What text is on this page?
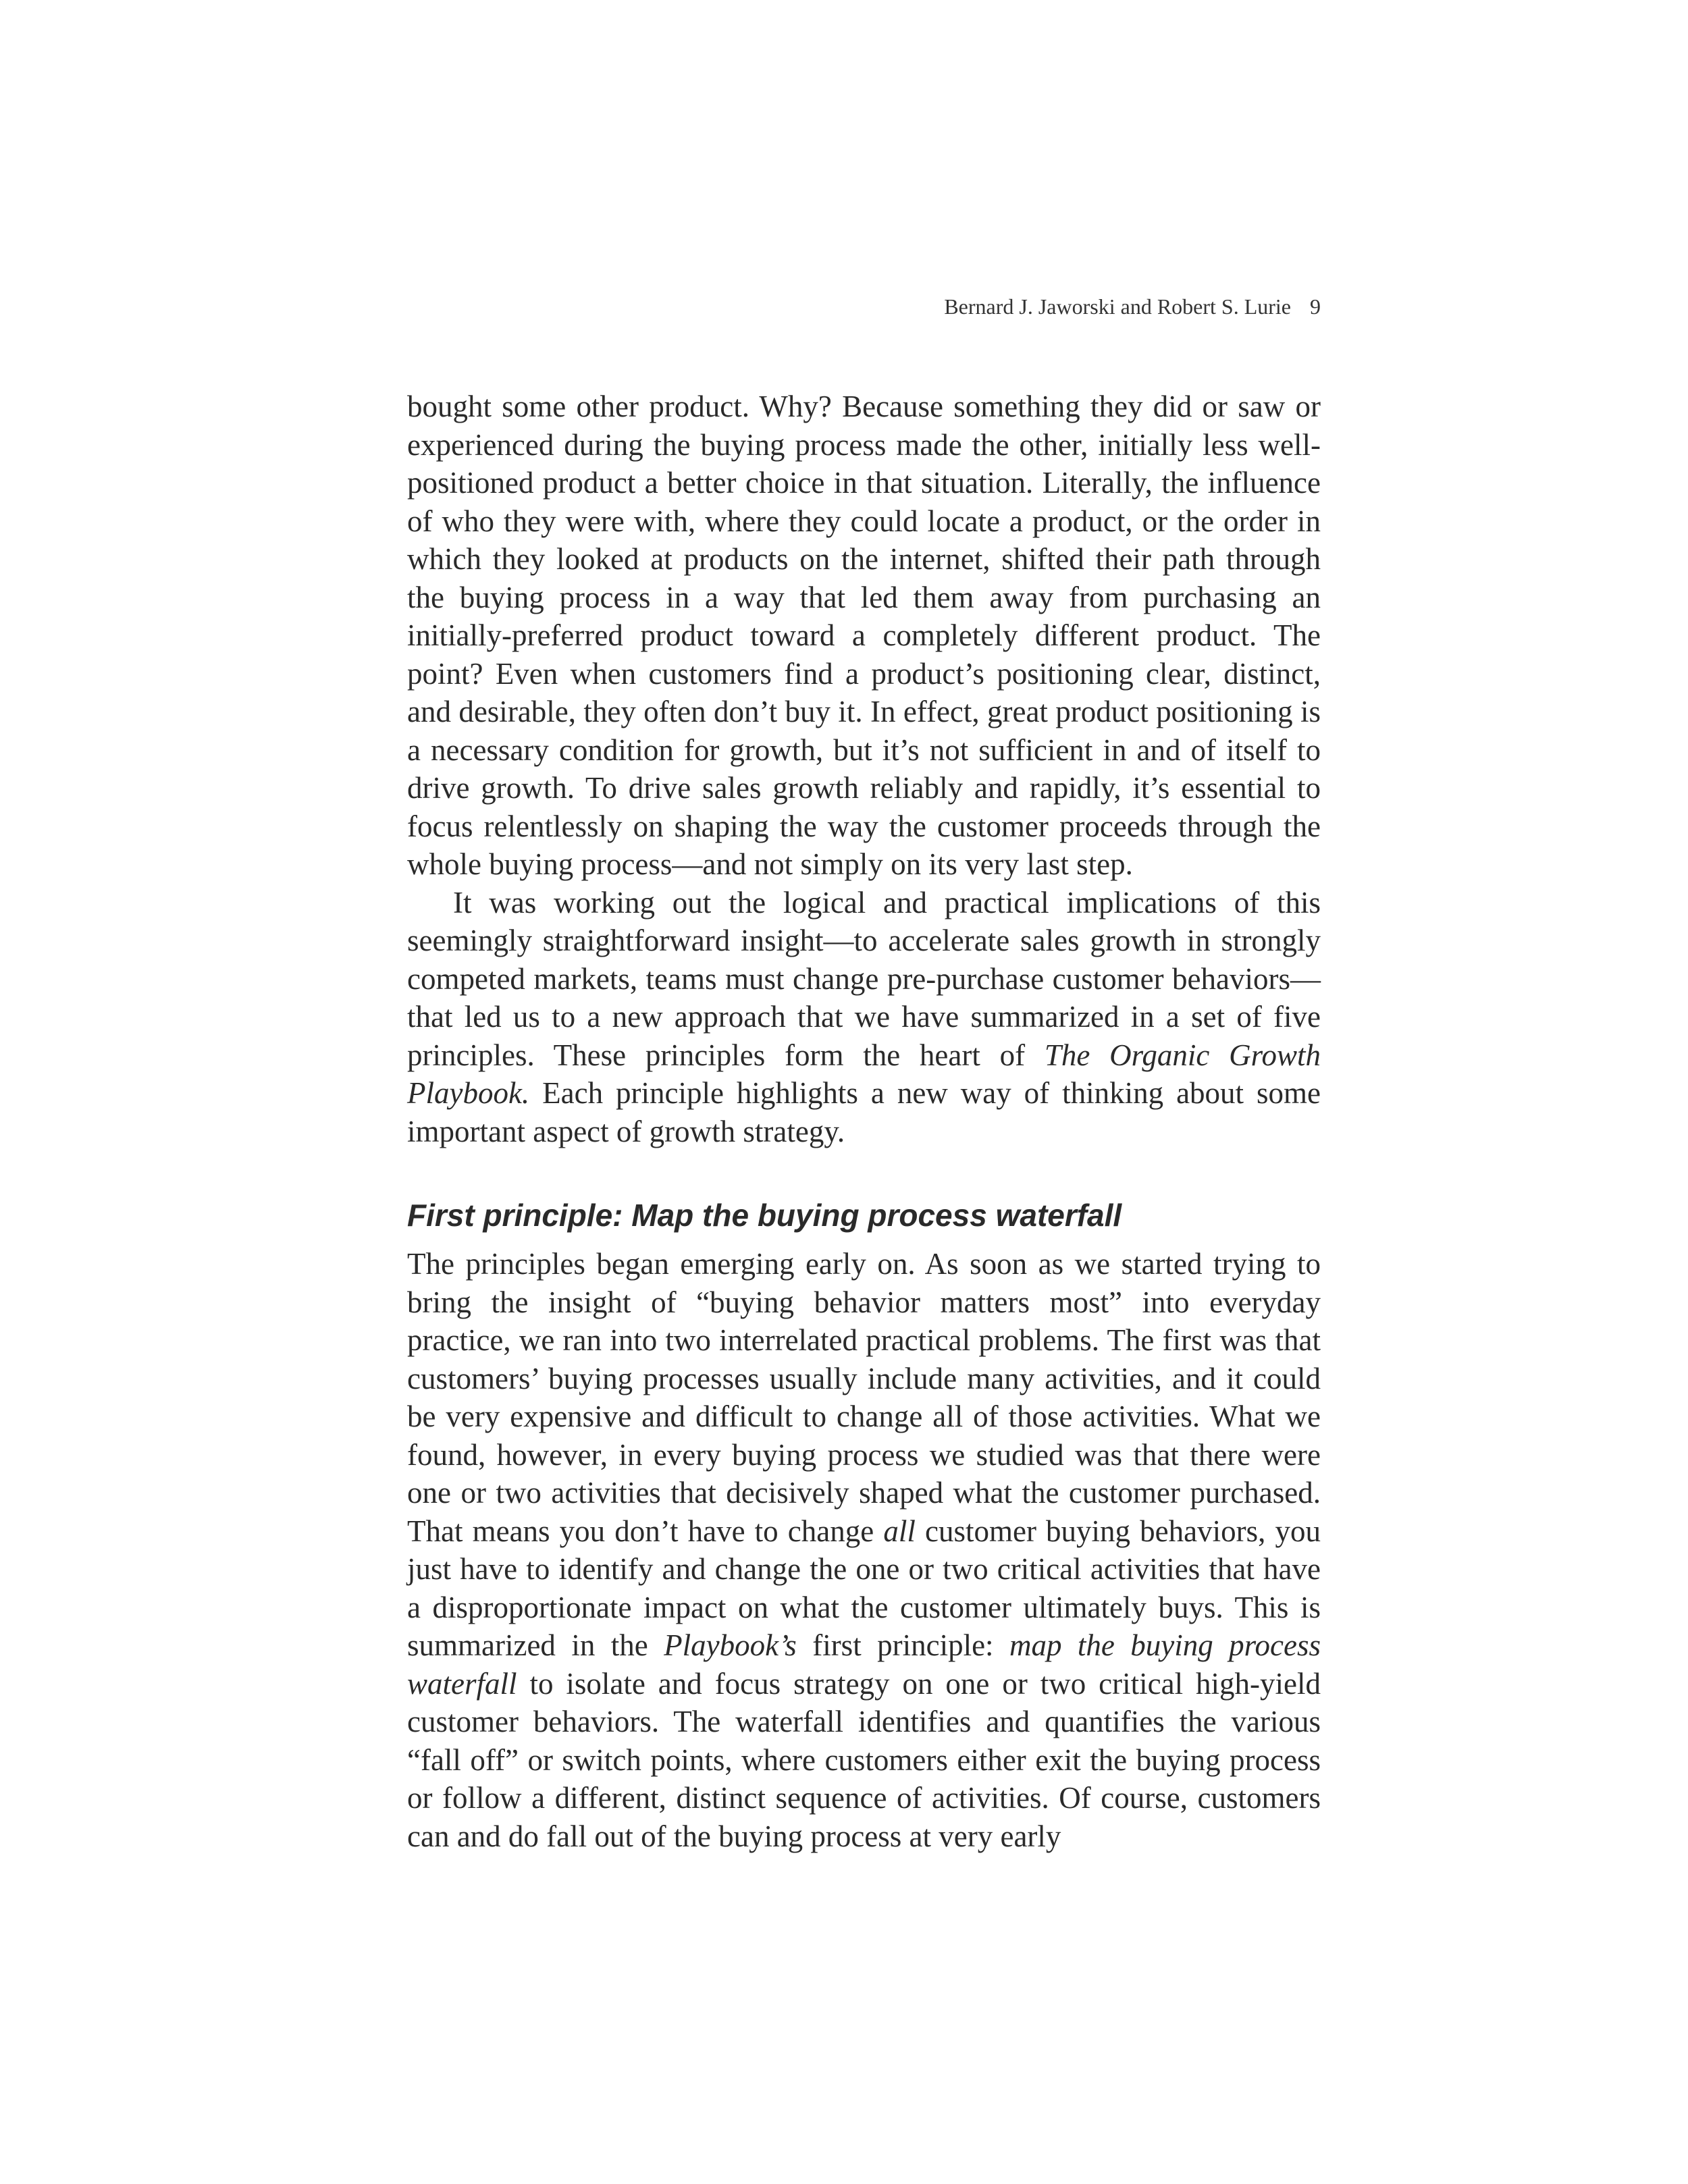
Bernard J. Jaworski and Robert S. Lurie 9

bought some other product. Why? Because something they did or saw or experienced during the buying process made the other, initially less well-positioned product a better choice in that situation. Literally, the influence of who they were with, where they could locate a product, or the order in which they looked at products on the internet, shifted their path through the buying process in a way that led them away from purchasing an initially-preferred product toward a completely different product. The point? Even when customers find a product’s positioning clear, distinct, and desirable, they often don’t buy it. In effect, great product positioning is a necessary condition for growth, but it’s not sufficient in and of itself to drive growth. To drive sales growth reliably and rapidly, it’s essential to focus relentlessly on shaping the way the customer proceeds through the whole buying process—and not simply on its very last step.

It was working out the logical and practical implications of this seemingly straightforward insight—to accelerate sales growth in strongly competed markets, teams must change pre-purchase customer behaviors—that led us to a new approach that we have summarized in a set of five principles. These principles form the heart of The Organic Growth Playbook. Each principle highlights a new way of thinking about some important aspect of growth strategy.

First principle: Map the buying process waterfall

The principles began emerging early on. As soon as we started trying to bring the insight of “buying behavior matters most” into everyday practice, we ran into two interrelated practical problems. The first was that customers’ buying processes usually include many activities, and it could be very expensive and difficult to change all of those activities. What we found, however, in every buying process we studied was that there were one or two activities that decisively shaped what the customer purchased. That means you don’t have to change all customer buying behaviors, you just have to identify and change the one or two critical activities that have a disproportionate impact on what the customer ultimately buys. This is summarized in the Playbook’s first principle: map the buying process waterfall to isolate and focus strategy on one or two critical high-yield customer behaviors. The waterfall identifies and quantifies the various “fall off” or switch points, where customers either exit the buying process or follow a different, distinct sequence of activities. Of course, customers can and do fall out of the buying process at very early
